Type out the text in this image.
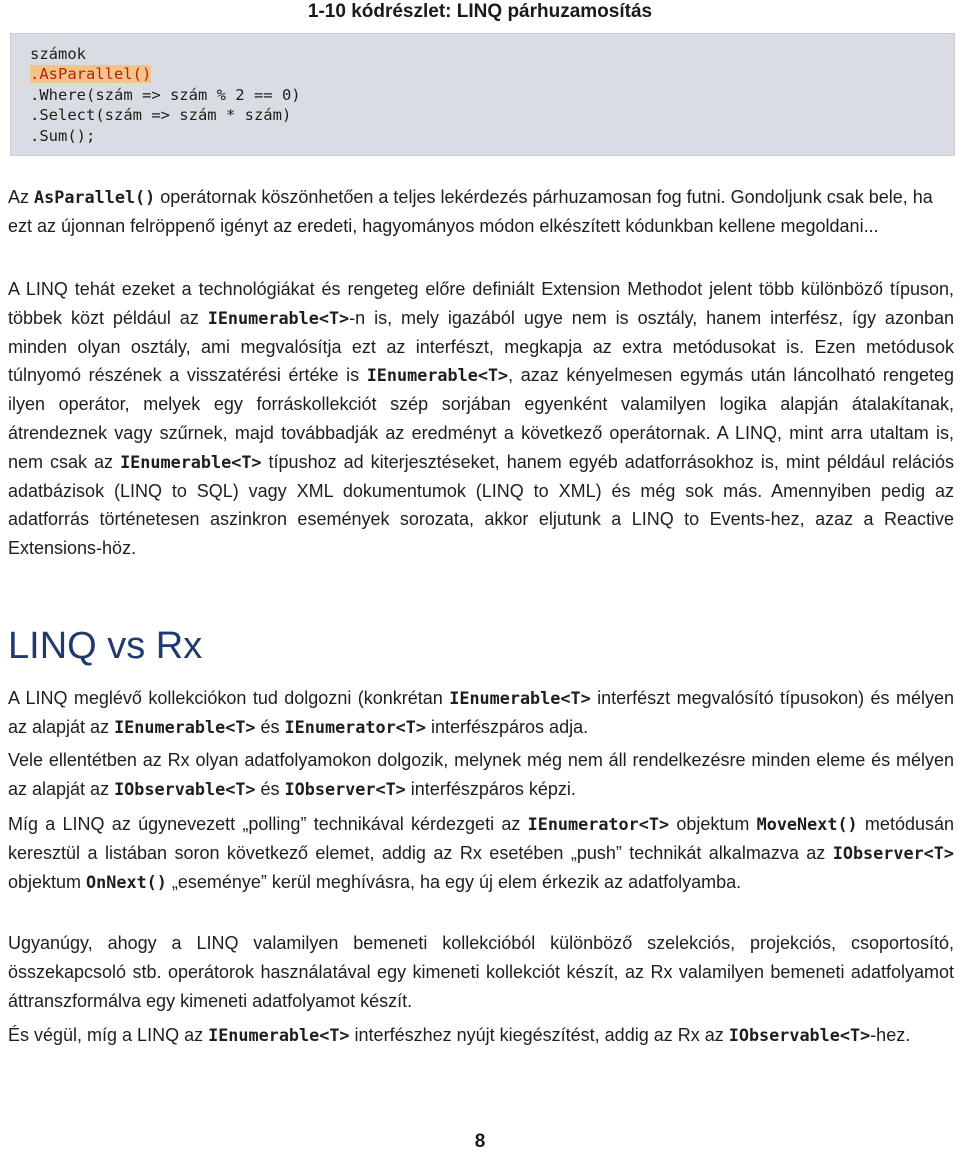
1-10 kódrészlet: LINQ párhuzamosítás
számok
.AsParallel()
.Where(szám => szám % 2 == 0)
.Select(szám => szám * szám)
.Sum();
Az AsParallel() operátornak köszönhetően a teljes lekérdezés párhuzamosan fog futni. Gondoljunk csak bele, ha ezt az újonnan felröppenő igényt az eredeti, hagyományos módon elkészített kódunkban kellene megoldani...
A LINQ tehát ezeket a technológiákat és rengeteg előre definiált Extension Methodot jelent több különböző típuson, többek közt például az IEnumerable<T>-n is, mely igazából ugye nem is osztály, hanem interfész, így azonban minden olyan osztály, ami megvalósítja ezt az interfészt, megkapja az extra metódusokat is. Ezen metódusok túlnyomó részének a visszatérési értéke is IEnumerable<T>, azaz kényelmesen egymás után láncolható rengeteg ilyen operátor, melyek egy forráskollekciót szép sorjában egyenként valamilyen logika alapján átalakítanak, átrendeznek vagy szűrnek, majd továbbadják az eredményt a következő operátornak. A LINQ, mint arra utaltam is, nem csak az IEnumerable<T> típushoz ad kiterjesztéseket, hanem egyéb adatforrásokhoz is, mint például relációs adatbázisok (LINQ to SQL) vagy XML dokumentumok (LINQ to XML) és még sok más. Amennyiben pedig az adatforrás történetesen aszinkron események sorozata, akkor eljutunk a LINQ to Events-hez, azaz a Reactive Extensions-höz.
LINQ vs Rx
A LINQ meglévő kollekciókon tud dolgozni (konkrétan IEnumerable<T> interfészt megvalósító típusokon) és mélyen az alapját az IEnumerable<T> és IEnumerator<T> interfészpáros adja.
Vele ellentétben az Rx olyan adatfolyamokon dolgozik, melynek még nem áll rendelkezésre minden eleme és mélyen az alapját az IObservable<T> és IObserver<T> interfészpáros képzi.
Míg a LINQ az úgynevezett „polling” technikával kérdezgeti az IEnumerator<T> objektum MoveNext() metódusán keresztül a listában soron következő elemet, addig az Rx esetében „push” technikát alkalmazva az IObserver<T> objektum OnNext() „eseménye” kerül meghívásra, ha egy új elem érkezik az adatfolyamba.
Ugyanúgy, ahogy a LINQ valamilyen bemeneti kollekcióból különböző szelekciós, projekciós, csoportosító, összekapcsoló stb. operátorok használatával egy kimeneti kollekciót készít, az Rx valamilyen bemeneti adatfolyamot áttranszformálva egy kimeneti adatfolyamot készít.
És végül, míg a LINQ az IEnumerable<T> interfészhez nyújt kiegészítést, addig az Rx az IObservable<T>-hez.
8
